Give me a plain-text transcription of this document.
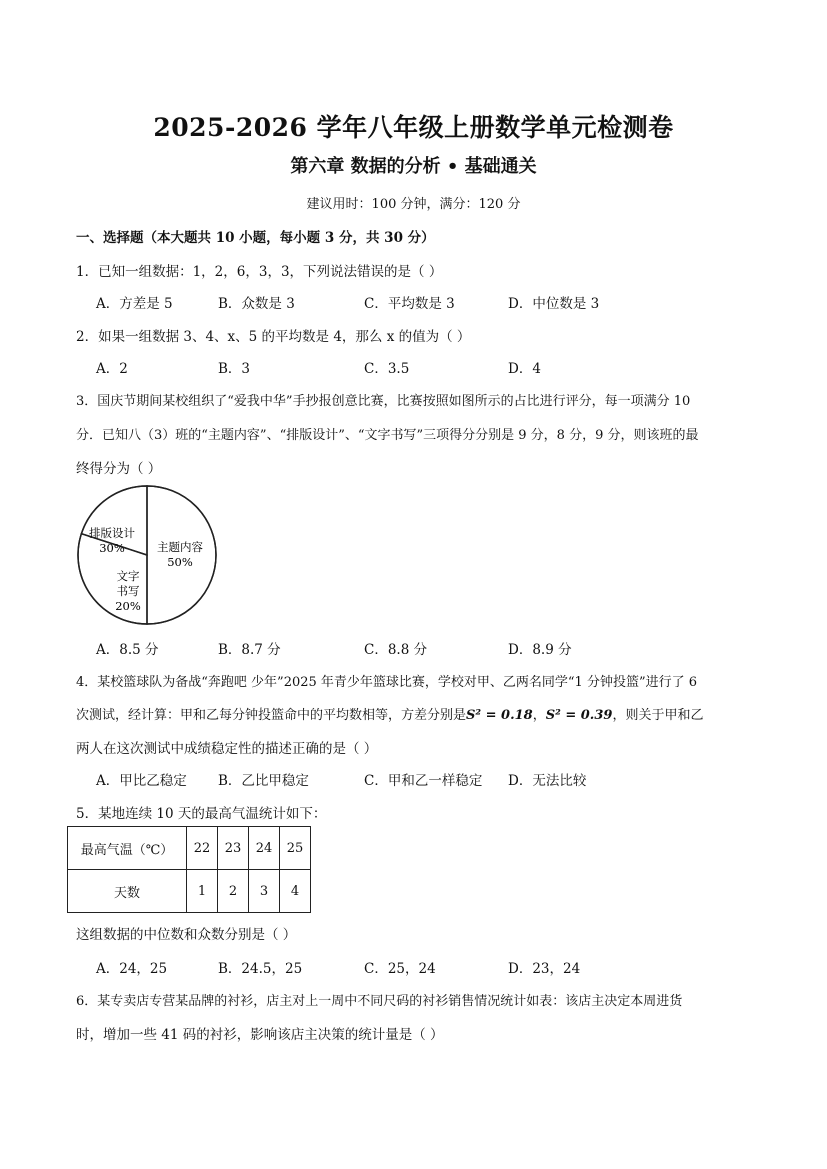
2025-2026 学年八年级上册数学单元检测卷
第六章 数据的分析 • 基础通关
建议用时：100 分钟，满分：120 分
一、选择题（本大题共 10 小题，每小题 3 分，共 30 分）
1．已知一组数据：1，2，6，3，3，下列说法错误的是（ ）
A．方差是 5	B．众数是 3	C．平均数是 3	D．中位数是 3
2．如果一组数据 3、4、x、5 的平均数是 4，那么 x 的值为（ ）
A．2	B．3	C．3.5	D．4
3．国庆节期间某校组织了“爱我中华”手抄报创意比赛，比赛按照如图所示的占比进行评分，每一项满分 10
分．已知八（3）班的“主题内容”、“排版设计”、“文字书写”三项得分分别是 9 分，8 分，9 分，则该班的最
终得分为（ ）
主题内容
50%
排版设计
30%
文字
书写
20%
A．8.5 分	B．8.7 分	C．8.8 分	D．8.9 分
4．某校篮球队为备战“奔跑吧 少年”2025 年青少年篮球比赛，学校对甲、乙两名同学“1 分钟投篮”进行了 6
次测试，经计算：甲和乙每分钟投篮命中的平均数相等，方差分别是S² = 0.18，S² = 0.39，则关于甲和乙
两人在这次测试中成绩稳定性的描述正确的是（ ）
A．甲比乙稳定 B．乙比甲稳定	C．甲和乙一样稳定 D．无法比较
5．某地连续 10 天的最高气温统计如下：
最高气温（℃）	22	23	24	25
天数	1	2	3	4
这组数据的中位数和众数分别是（ ）
A．24，25	B．24.5，25	C．25，24	D．23，24
6．某专卖店专营某品牌的衬衫，店主对上一周中不同尺码的衬衫销售情况统计如表：该店主决定本周进货
时，增加一些 41 码的衬衫，影响该店主决策的统计量是（ ）
